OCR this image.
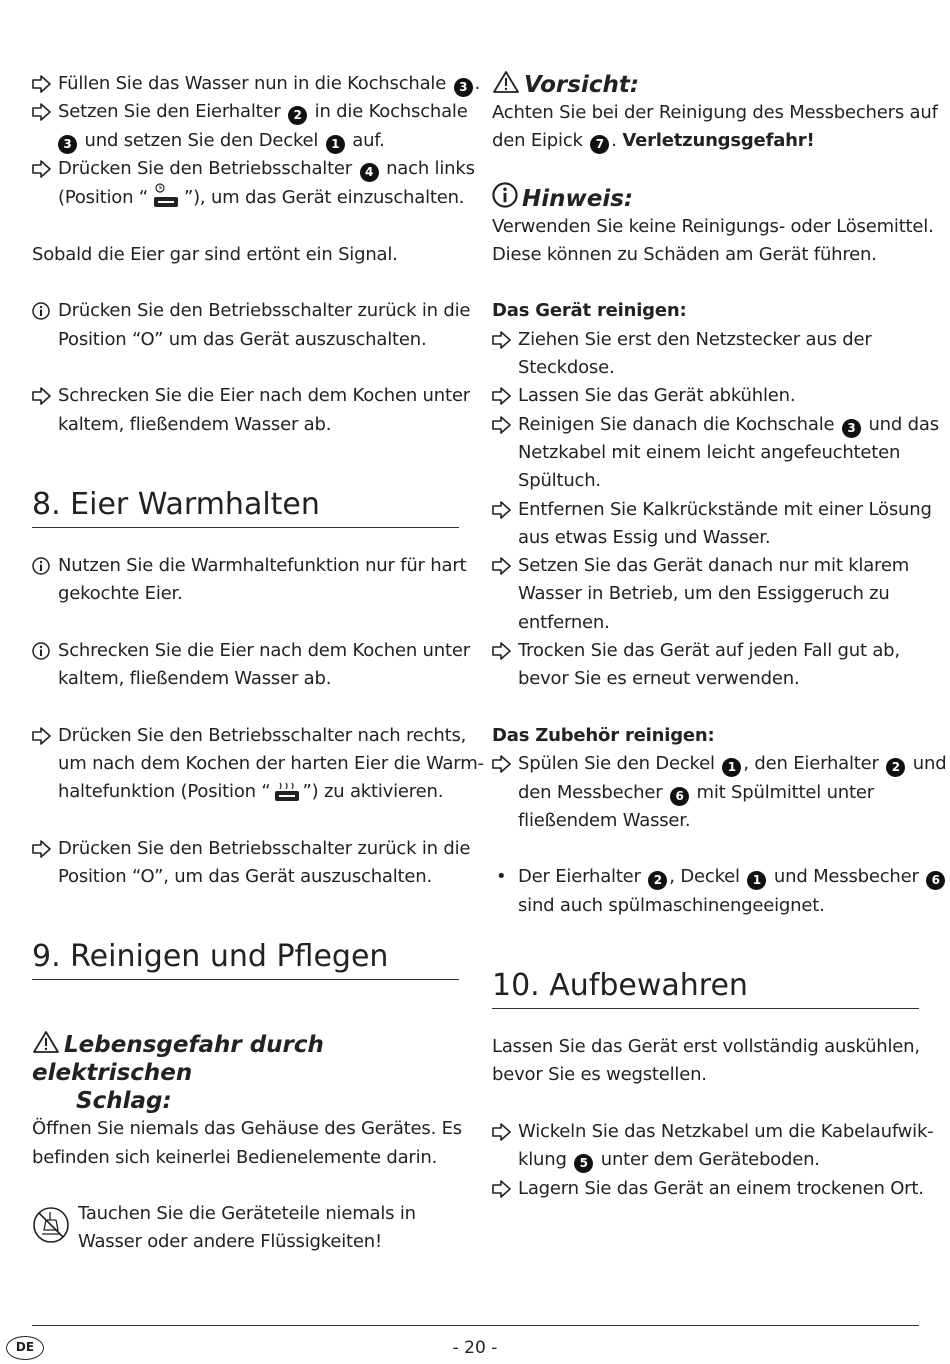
Füllen Sie das Wasser nun in die Kochschale 3 .
Setzen Sie den Eierhalter 2 in die Kochschale
3 und setzen Sie den Deckel 1 auf.
Drücken Sie den Betriebsschalter 4 nach links
(Position “ ”), um das Gerät einzuschalten.
Sobald die Eier gar sind ertönt ein Signal.
Drücken Sie den Betriebsschalter zurück in die
Position “O” um das Gerät auszuschalten.
Schrecken Sie die Eier nach dem Kochen unter
kaltem, fließendem Wasser ab.
8. Eier Warmhalten
Nutzen Sie die Warmhaltefunktion nur für hart
gekochte Eier.
Schrecken Sie die Eier nach dem Kochen unter
kaltem, fließendem Wasser ab.
Drücken Sie den Betriebsschalter nach rechts,
um nach dem Kochen der harten Eier die Warm-
haltefunktion (Position “ ”) zu aktivieren.
Drücken Sie den Betriebsschalter zurück in die
Position “O”, um das Gerät auszuschalten.
9. Reinigen und Pflegen
Lebensgefahr durch elektrischen
Schlag:
Öffnen Sie niemals das Gehäuse des Gerätes. Es
befinden sich keinerlei Bedienelemente darin.
Tauchen Sie die Geräteteile niemals in
Wasser oder andere Flüssigkeiten!
Vorsicht:
Achten Sie bei der Reinigung des Messbechers auf
den Eipick 7 . Verletzungsgefahr!
Hinweis:
Verwenden Sie keine Reinigungs- oder Lösemittel.
Diese können zu Schäden am Gerät führen.
Das Gerät reinigen:
Ziehen Sie erst den Netzstecker aus der
Steckdose.
Lassen Sie das Gerät abkühlen.
Reinigen Sie danach die Kochschale 3 und das
Netzkabel mit einem leicht angefeuchteten
Spültuch.
Entfernen Sie Kalkrückstände mit einer Lösung
aus etwas Essig und Wasser.
Setzen Sie das Gerät danach nur mit klarem
Wasser in Betrieb, um den Essiggeruch zu
entfernen.
Trocken Sie das Gerät auf jeden Fall gut ab,
bevor Sie es erneut verwenden.
Das Zubehör reinigen:
Spülen Sie den Deckel 1 , den Eierhalter 2 und
den Messbecher 6 mit Spülmittel unter
fließendem Wasser.
• Der Eierhalter 2 , Deckel 1 und Messbecher 6
sind auch spülmaschinengeeignet.
10. Aufbewahren
Lassen Sie das Gerät erst vollständig auskühlen,
bevor Sie es wegstellen.
Wickeln Sie das Netzkabel um die Kabelaufwik-
klung 5 unter dem Geräteboden.
Lagern Sie das Gerät an einem trockenen Ort.
DE	- 20 -
